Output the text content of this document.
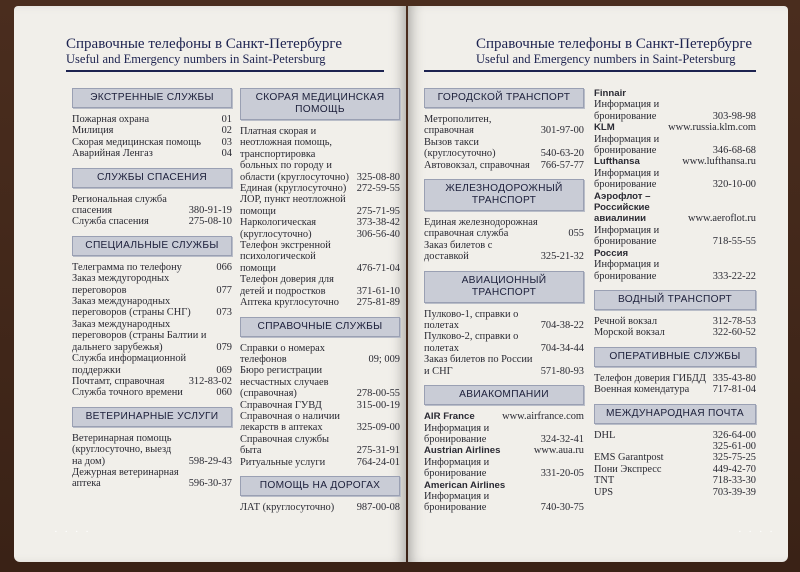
Справочные телефоны в Санкт-Петербурге
Useful and Emergency numbers in Saint-Petersburg
ЭКСТРЕННЫЕ СЛУЖБЫ
Пожарная охрана	01
Милиция	02
Скорая медицинская помощь	03
Аварийная Ленгаз	04
СЛУЖБЫ СПАСЕНИЯ
Региональная служба спасения	380-91-19
Служба спасения	275-08-10
СПЕЦИАЛЬНЫЕ СЛУЖБЫ
Телеграмма по телефону	066
Заказ междугородных переговоров	077
Заказ международных переговоров (страны СНГ)	073
Заказ международных переговоров (страны Балтии и дальнего зарубежья)	079
Служба информационной поддержки	069
Почтамт, справочная	312-83-02
Служба точного времени	060
ВЕТЕРИНАРНЫЕ УСЛУГИ
Ветеринарная помощь (круглосуточно, выезд на дом)	598-29-43
Дежурная ветеринарная аптека	596-30-37
СКОРАЯ МЕДИЦИНСКАЯ ПОМОЩЬ
Платная скорая и неотложная помощь, транспортировка больных по городу и области (круглосуточно) 325-08-80
Единая (круглосуточно) 272-59-55
ЛОР, пункт неотложной помощи	275-71-95
Наркологическая	373-38-42
(круглосуточно)	306-56-40
Телефон экстренной психологической помощи	476-71-04
Телефон доверия для детей и подростков	371-61-10
Аптека круглосуточно	275-81-89
СПРАВОЧНЫЕ СЛУЖБЫ
Справки о номерах телефонов	09; 009
Бюро регистрации несчастных случаев (справочная)	278-00-55
Справочная ГУВД	315-00-19
Справочная о наличии лекарств в аптеках	325-09-00
Справочная службы быта	275-31-91
Ритуальные услуги	764-24-01
ПОМОЩЬ НА ДОРОГАХ
ЛАТ (круглосуточно)	987-00-08
· · · ·
Справочные телефоны в Санкт-Петербурге
Useful and Emergency numbers in Saint-Petersburg
ГОРОДСКОЙ ТРАНСПОРТ
Метрополитен, справочная	301-97-00
Вызов такси (круглосуточно)	540-63-20
Автовокзал, справочная	766-57-77
ЖЕЛЕЗНОДОРОЖНЫЙ ТРАНСПОРТ
Единая железнодорожная справочная служба	055
Заказ билетов с доставкой	325-21-32
АВИАЦИОННЫЙ ТРАНСПОРТ
Пулково-1, справки о полетах	704-38-22
Пулково-2, справки о полетах	704-34-44
Заказ билетов по России и СНГ	571-80-93
АВИАКОМПАНИИ
AIR France	www.airfrance.com
Информация и бронирование	324-32-41
Austrian Airlines	www.aua.ru
Информация и бронирование	331-20-05
American Airlines
Информация и бронирование	740-30-75
Finnair
Информация и бронирование	303-98-98
KLM	www.russia.klm.com
Информация и бронирование	346-68-68
Lufthansa	www.lufthansa.ru
Информация и бронирование	320-10-00
Аэрофлот – Российские авиалинии	www.aeroflot.ru
Информация и бронирование	718-55-55
Россия
Информация и бронирование	333-22-22
ВОДНЫЙ ТРАНСПОРТ
Речной вокзал	312-78-53
Морской вокзал	322-60-52
ОПЕРАТИВНЫЕ СЛУЖБЫ
Телефон доверия ГИБДД 335-43-80
Военная комендатура	717-81-04
МЕЖДУНАРОДНАЯ ПОЧТА
DHL	326-64-00
325-61-00
EMS Garantpost	325-75-25
Пони Экспресс	449-42-70
TNT	718-33-30
UPS	703-39-39
· · · ·
